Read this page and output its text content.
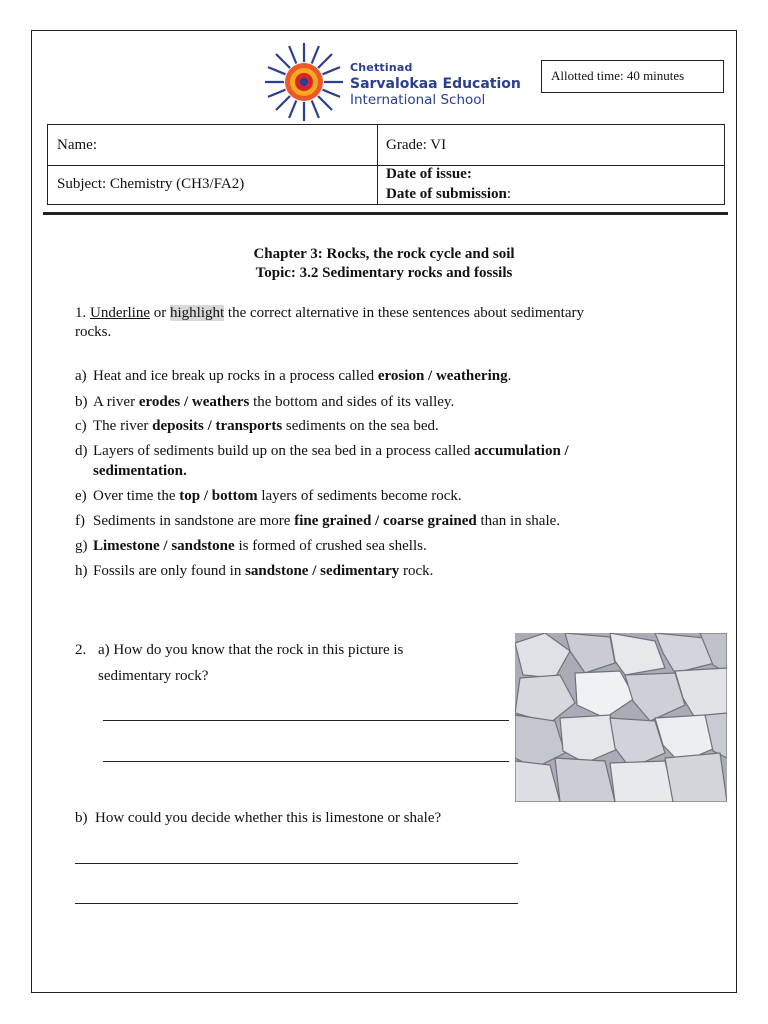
Chettinad
Sarvalokaa Education
International School
Allotted time: 40 minutes
Name:	Grade: VI
Subject: Chemistry (CH3/FA2)
Date of issue:
Date of submission:
Chapter 3: Rocks, the rock cycle and soil
Topic: 3.2 Sedimentary rocks and fossils
1. Underline or highlight the correct alternative in these sentences about sedimentary
rocks.
a) Heat and ice break up rocks in a process called erosion / weathering.
b) A river erodes / weathers the bottom and sides of its valley.
c) The river deposits / transports sediments on the sea bed.
d) Layers of sediments build up on the sea bed in a process called accumulation /
sedimentation.
e) Over time the top / bottom layers of sediments become rock.
f) Sediments in sandstone are more fine grained / coarse grained than in shale.
g) Limestone / sandstone is formed of crushed sea shells.
h) Fossils are only found in sandstone / sedimentary rock.
2. a) How do you know that the rock in this picture is
sedimentary rock?
b) How could you decide whether this is limestone or shale?
